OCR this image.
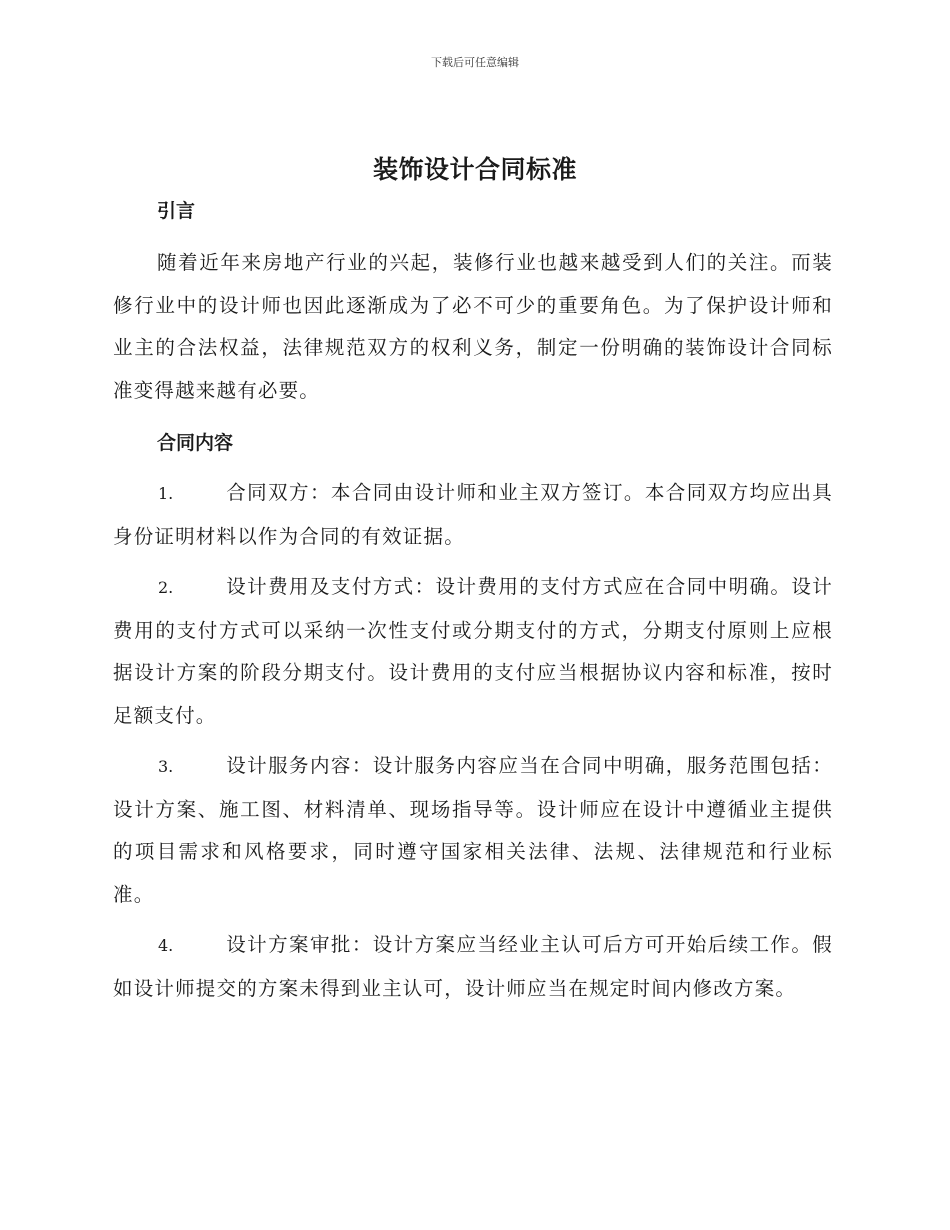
下载后可任意编辑
装饰设计合同标准
引言

随着近年来房地产行业的兴起，装修行业也越来越受到人们的关注。而装修行业中的设计师也因此逐渐成为了必不可少的重要角色。为了保护设计师和业主的合法权益，法律规范双方的权利义务，制定一份明确的装饰设计合同标准变得越来越有必要。

合同内容

1.	合同双方：本合同由设计师和业主双方签订。本合同双方均应出具身份证明材料以作为合同的有效证据。

2.	设计费用及支付方式：设计费用的支付方式应在合同中明确。设计费用的支付方式可以采纳一次性支付或分期支付的方式，分期支付原则上应根据设计方案的阶段分期支付。设计费用的支付应当根据协议内容和标准，按时足额支付。

3.	设计服务内容：设计服务内容应当在合同中明确，服务范围包括：设计方案、施工图、材料清单、现场指导等。设计师应在设计中遵循业主提供的项目需求和风格要求，同时遵守国家相关法律、法规、法律规范和行业标准。

4.	设计方案审批：设计方案应当经业主认可后方可开始后续工作。假如设计师提交的方案未得到业主认可，设计师应当在规定时间内修改方案。
